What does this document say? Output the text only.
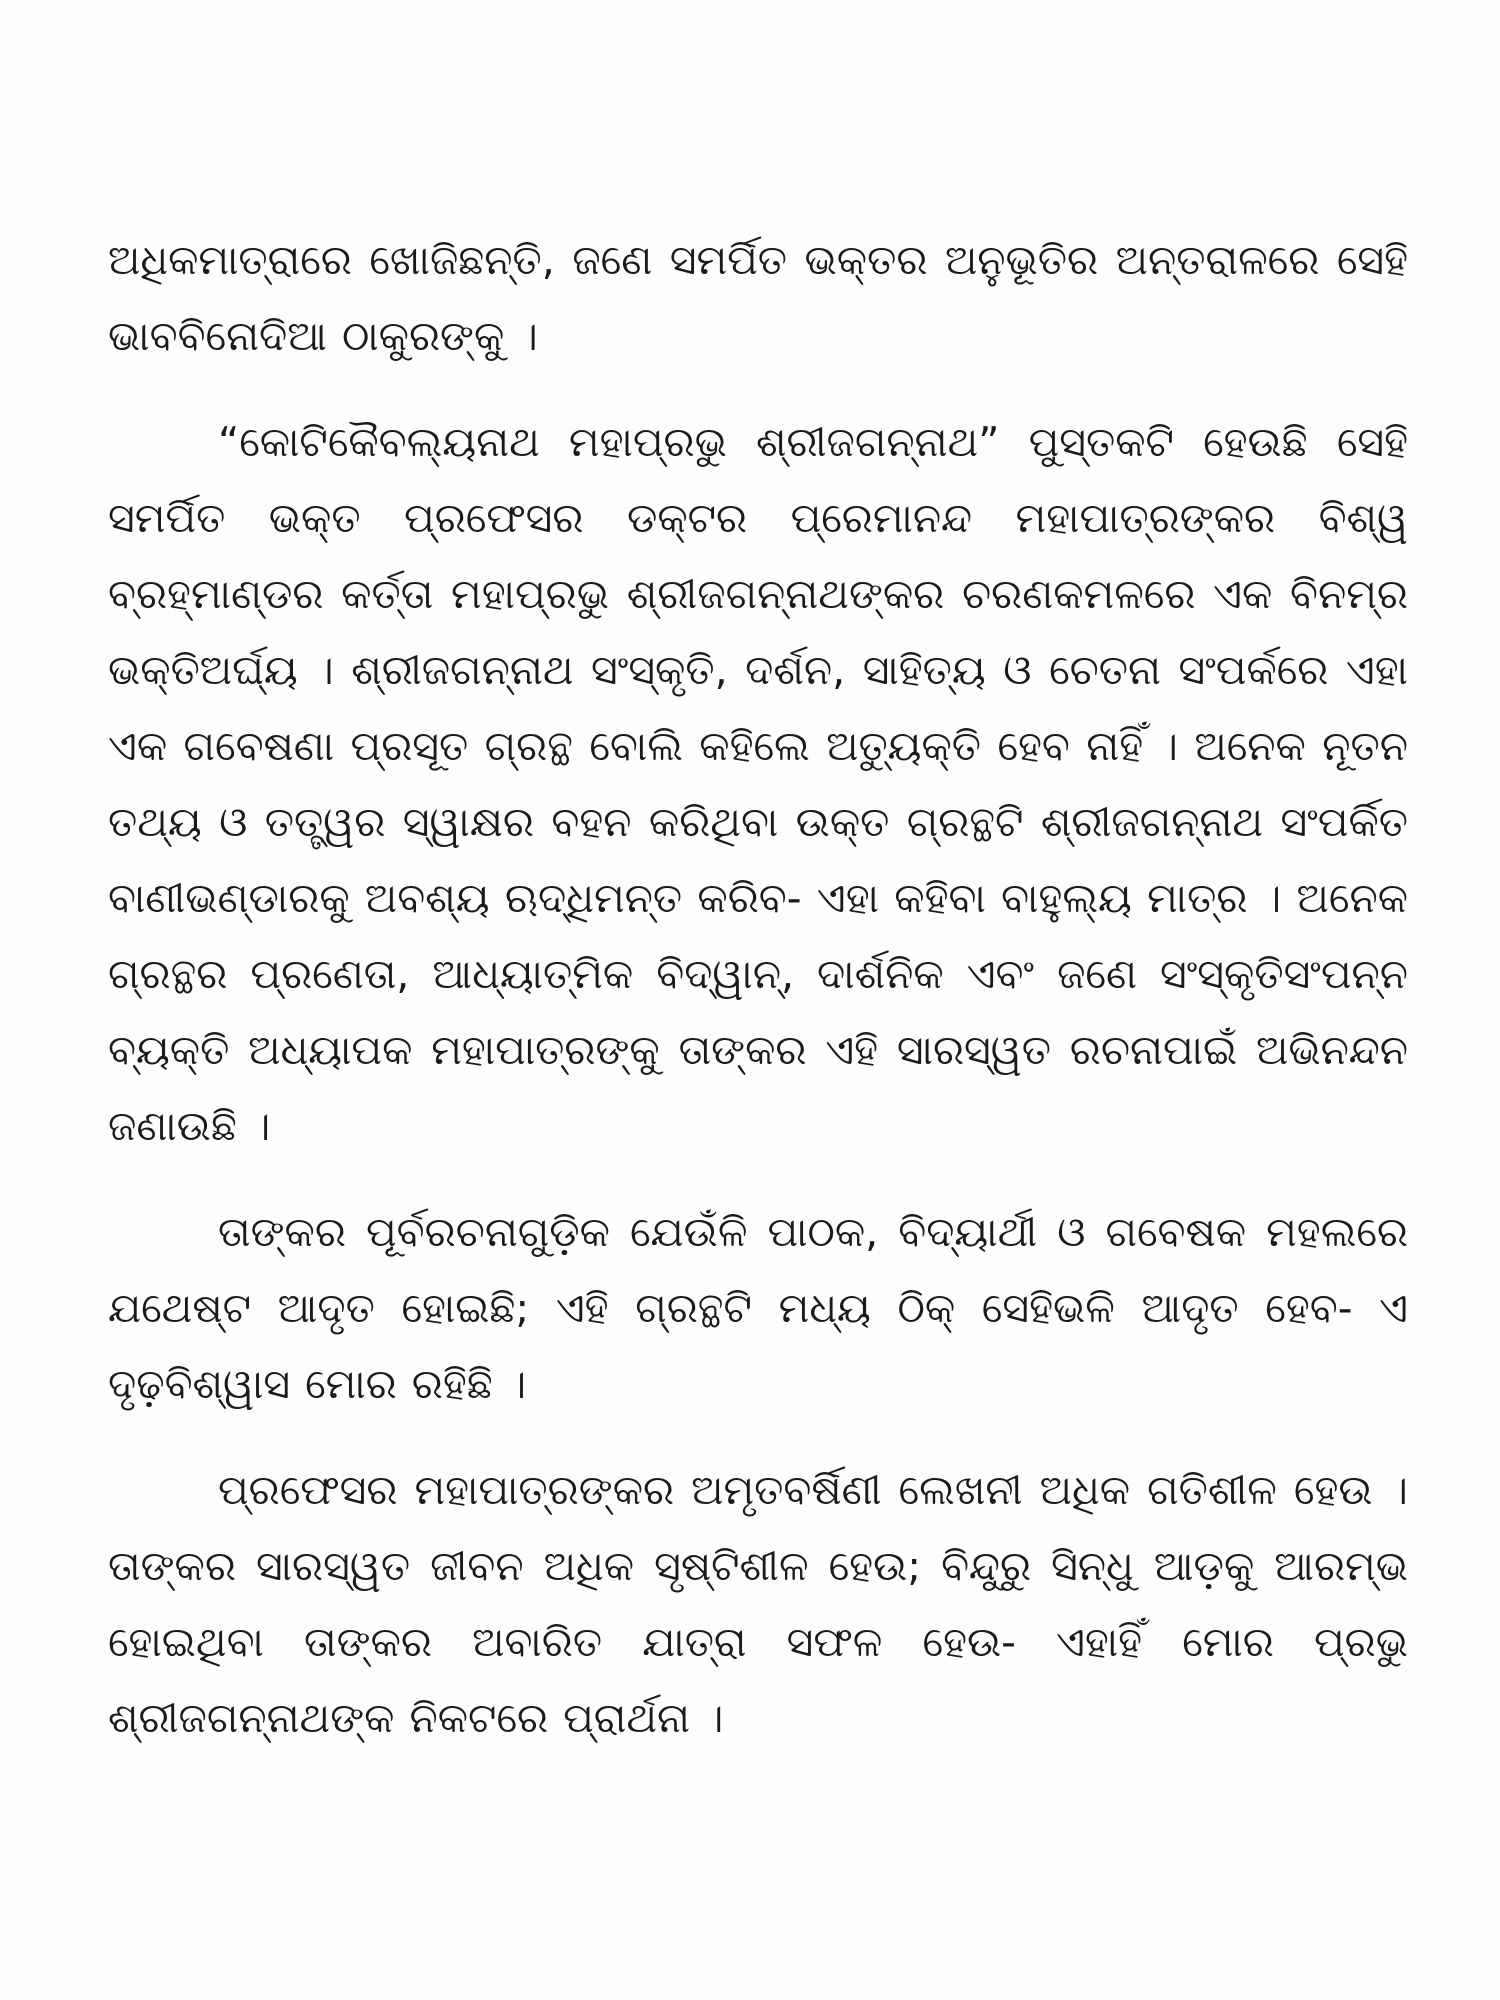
ଅଧିକମାତ୍ରାରେ ଖୋଜିଛନ୍ତି, ଜଣେ ସମର୍ପିତ ଭକ୍ତର ଅନୁଭୂତିର ଅନ୍ତରାଳରେ ସେହି ଭାବବିନୋଦିଆ ଠାକୁରଙ୍କୁ ।

“କୋଟିକୈବଲ୍ୟନାଥ ମହାପ୍ରଭୁ ଶ୍ରୀଜଗନ୍ନାଥ” ପୁସ୍ତକଟି ହେଉଛି ସେହି ସମର୍ପିତ ଭକ୍ତ ପ୍ରଫେସର ଡକ୍ଟର ପ୍ରେମାନନ୍ଦ ମହାପାତ୍ରଙ୍କର ବିଶ୍ୱ ବ୍ରହ୍ମାଣ୍ଡର କର୍ତ୍ତା ମହାପ୍ରଭୁ ଶ୍ରୀଜଗନ୍ନାଥଙ୍କର ଚରଣକମଳରେ ଏକ ବିନମ୍ର ଭକ୍ତିଅର୍ଘ୍ୟ । ଶ୍ରୀଜଗନ୍ନାଥ ସଂସ୍କୃତି, ଦର୍ଶନ, ସାହିତ୍ୟ ଓ ଚେତନା ସଂପର୍କରେ ଏହା ଏକ ଗବେଷଣା ପ୍ରସୂତ ଗ୍ରନ୍ଥ ବୋଲି କହିଲେ ଅତ୍ୟୁକ୍ତି ହେବ ନାହିଁ । ଅନେକ ନୂତନ ତଥ୍ୟ ଓ ତତ୍ତ୍ୱର ସ୍ୱାକ୍ଷର ବହନ କରିଥିବା ଉକ୍ତ ଗ୍ରନ୍ଥଟି ଶ୍ରୀଜଗନ୍ନାଥ ସଂପର୍କିତ ବାଣୀଭଣ୍ଡାରକୁ ଅବଶ୍ୟ ଋଦ୍ଧିମନ୍ତ କରିବ- ଏହା କହିବା ବାହୁଲ୍ୟ ମାତ୍ର । ଅନେକ ଗ୍ରନ୍ଥର ପ୍ରଣେତା, ଆଧ୍ୟାତ୍ମିକ ବିଦ୍ୱାନ୍, ଦାର୍ଶନିକ ଏବଂ ଜଣେ ସଂସ୍କୃତିସଂପନ୍ନ ବ୍ୟକ୍ତି ଅଧ୍ୟାପକ ମହାପାତ୍ରଙ୍କୁ ତାଙ୍କର ଏହି ସାରସ୍ୱତ ରଚନାପାଇଁ ଅଭିନନ୍ଦନ ଜଣାଉଛି ।

ତାଙ୍କର ପୂର୍ବରଚନାଗୁଡ଼ିକ ଯେଉଁଳି ପାଠକ, ବିଦ୍ୟାର୍ଥୀ ଓ ଗବେଷକ ମହଲରେ ଯଥେଷ୍ଟ ଆଦୃତ ହୋଇଛି; ଏହି ଗ୍ରନ୍ଥଟି ମଧ୍ୟ ଠିକ୍ ସେହିଭଳି ଆଦୃତ ହେବ- ଏ ଦୃଢ଼ବିଶ୍ୱାସ ମୋର ରହିଛି ।

ପ୍ରଫେସର ମହାପାତ୍ରଙ୍କର ଅମୃତବର୍ଷିଣୀ ଲେଖନୀ ଅଧିକ ଗତିଶୀଳ ହେଉ । ତାଙ୍କର ସାରସ୍ୱତ ଜୀବନ ଅଧିକ ସୃଷ୍ଟିଶୀଳ ହେଉ; ବିନ୍ଦୁରୁ ସିନ୍ଧୁ ଆଡ଼କୁ ଆରମ୍ଭ ହୋଇଥିବା ତାଙ୍କର ଅବାରିତ ଯାତ୍ରା ସଫଳ ହେଉ- ଏହାହିଁ ମୋର ପ୍ରଭୁ ଶ୍ରୀଜଗନ୍ନାଥଙ୍କ ନିକଟରେ ପ୍ରାର୍ଥନା ।
